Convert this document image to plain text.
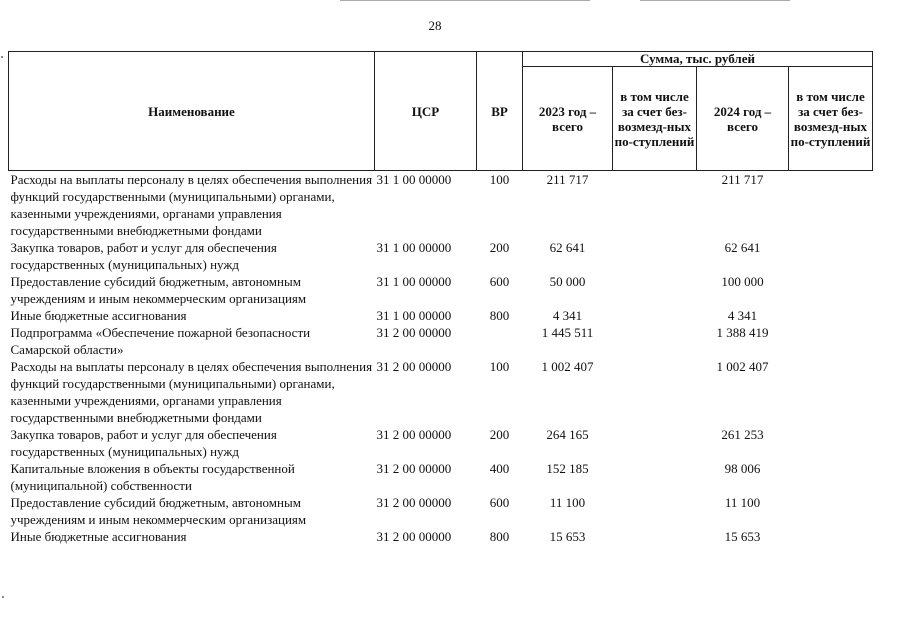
28
Наименование	ЦСР	ВР	Сумма, тыс. рублей			
			2023 год – всего	в том числе за счет без-возмезд-ных по-ступлений	2024 год – всего	в том числе за счет без-возмезд-ных по-ступлений
Расходы на выплаты персоналу в целях обеспечения выполнения функций государственными (муниципальными) органами, казенными учреждениями, органами управления государственными внебюджетными фондами	31 1 00 00000	100	211 717		211 717	
Закупка товаров, работ и услуг для обеспечения государственных (муниципальных) нужд	31 1 00 00000	200	62 641		62 641	
Предоставление субсидий бюджетным, автономным учреждениям и иным некоммерческим организациям	31 1 00 00000	600	50 000		100 000	
Иные бюджетные ассигнования	31 1 00 00000	800	4 341		4 341	
Подпрограмма «Обеспечение пожарной безопасности Самарской области»	31 2 00 00000		1 445 511		1 388 419	
Расходы на выплаты персоналу в целях обеспечения выполнения функций государственными (муниципальными) органами, казенными учреждениями, органами управления государственными внебюджетными фондами	31 2 00 00000	100	1 002 407		1 002 407	
Закупка товаров, работ и услуг для обеспечения государственных (муниципальных) нужд	31 2 00 00000	200	264 165		261 253	
Капитальные вложения в объекты государственной (муниципальной) собственности	31 2 00 00000	400	152 185		98 006	
Предоставление субсидий бюджетным, автономным учреждениям и иным некоммерческим организациям	31 2 00 00000	600	11 100		11 100	
Иные бюджетные ассигнования	31 2 00 00000	800	15 653		15 653	
